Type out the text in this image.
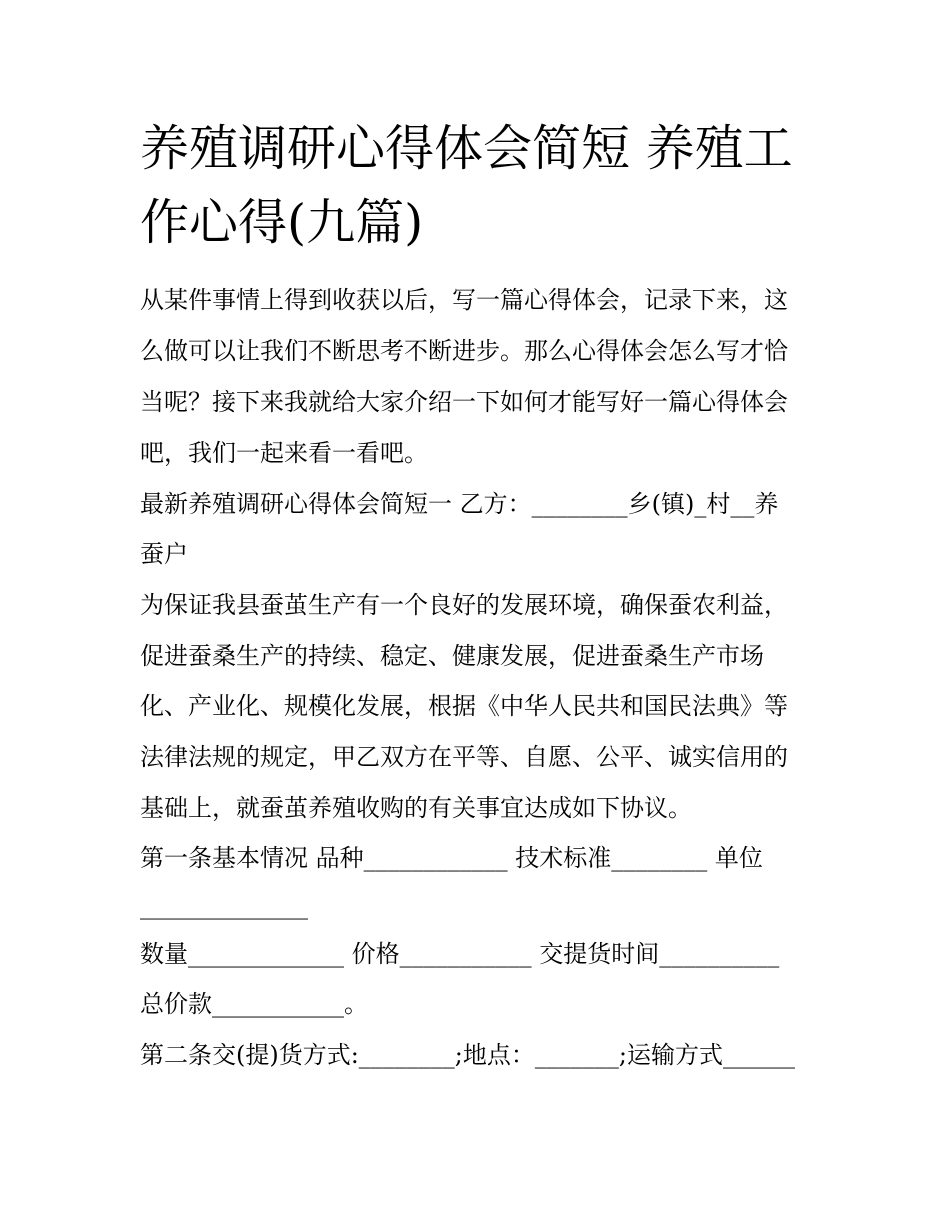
养殖调研心得体会简短 养殖工
作心得(九篇)

从某件事情上得到收获以后，写一篇心得体会，记录下来，这

么做可以让我们不断思考不断进步。那么心得体会怎么写才恰

当呢？接下来我就给大家介绍一下如何才能写好一篇心得体会

吧，我们一起来看一看吧。

最新养殖调研心得体会简短一 乙方：________乡(镇)_村__养

蚕户

为保证我县蚕茧生产有一个良好的发展环境，确保蚕农利益，

促进蚕桑生产的持续、稳定、健康发展，促进蚕桑生产市场

化、产业化、规模化发展，根据《中华人民共和国民法典》等

法律法规的规定，甲乙双方在平等、自愿、公平、诚实信用的

基础上，就蚕茧养殖收购的有关事宜达成如下协议。

第一条基本情况 品种____________ 技术标准________ 单位

______________

数量_____________ 价格___________ 交提货时间__________

总价款___________。

第二条交(提)货方式:________;地点：_______;运输方式______
